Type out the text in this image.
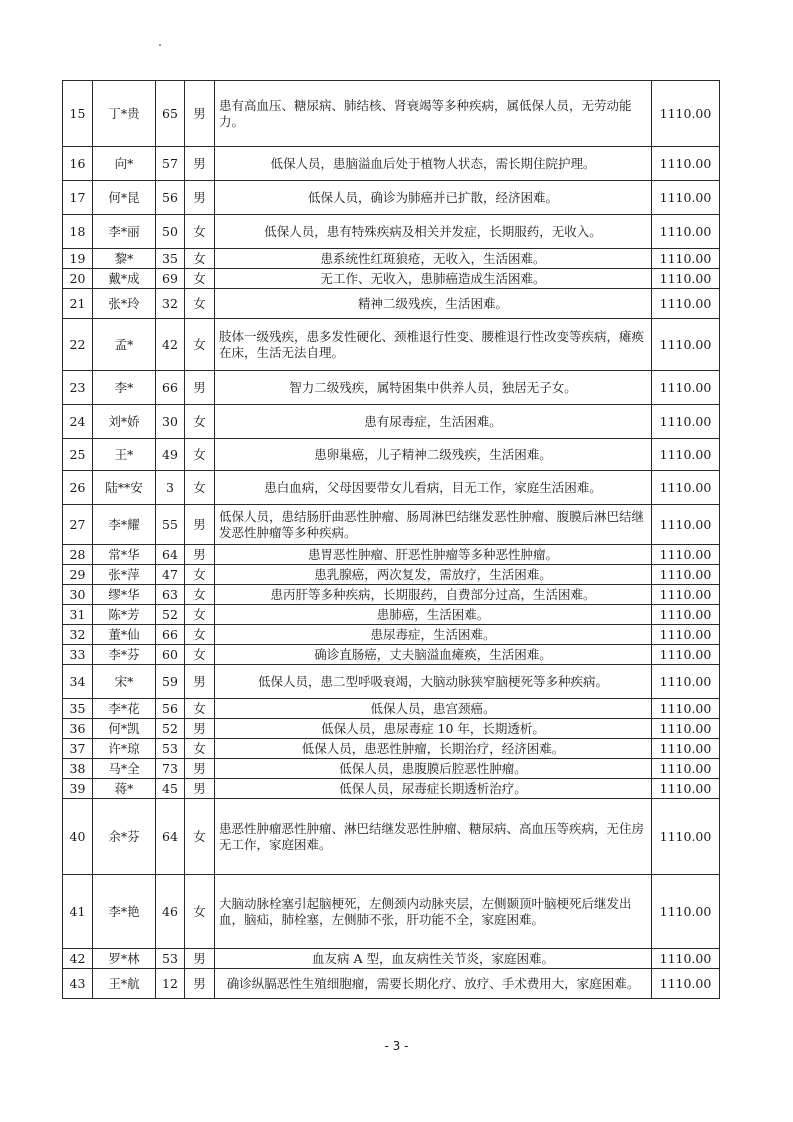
15	丁*贵	65	男	患有高血压、糖尿病、肺结核、肾衰竭等多种疾病，属低保人员，无劳动能力。	1110.00
16	向*	57	男	低保人员，患脑溢血后处于植物人状态，需长期住院护理。	1110.00
17	何*昆	56	男	低保人员，确诊为肺癌并已扩散，经济困难。	1110.00
18	李*丽	50	女	低保人员，患有特殊疾病及相关并发症，长期服药，无收入。	1110.00
19	黎*	35	女	患系统性红斑狼疮，无收入，生活困难。	1110.00
20	戴*成	69	女	无工作、无收入，患肺癌造成生活困难。	1110.00
21	张*玲	32	女	精神二级残疾，生活困难。	1110.00
22	孟*	42	女	肢体一级残疾，患多发性硬化、颈椎退行性变、腰椎退行性改变等疾病，瘫痪在床，生活无法自理。	1110.00
23	李*	66	男	智力二级残疾，属特困集中供养人员，独居无子女。	1110.00
24	刘*娇	30	女	患有尿毒症，生活困难。	1110.00
25	王*	49	女	患卵巢癌，儿子精神二级残疾，生活困难。	1110.00
26	陆**安	3	女	患白血病，父母因要带女儿看病，目无工作，家庭生活困难。	1110.00
27	李*耀	55	男	低保人员，患结肠肝曲恶性肿瘤、肠周淋巴结继发恶性肿瘤、腹膜后淋巴结继发恶性肿瘤等多种疾病。	1110.00
28	常*华	64	男	患胃恶性肿瘤、肝恶性肿瘤等多种恶性肿瘤。	1110.00
29	张*萍	47	女	患乳腺癌，两次复发，需放疗，生活困难。	1110.00
30	缪*华	63	女	患丙肝等多种疾病，长期服药，自费部分过高，生活困难。	1110.00
31	陈*芳	52	女	患肺癌，生活困难。	1110.00
32	董*仙	66	女	患尿毒症，生活困难。	1110.00
33	李*芬	60	女	确诊直肠癌，丈夫脑溢血瘫痪，生活困难。	1110.00
34	宋*	59	男	低保人员，患二型呼吸衰竭，大脑动脉狭窄脑梗死等多种疾病。	1110.00
35	李*花	56	女	低保人员，患宫颈癌。	1110.00
36	何*凯	52	男	低保人员，患尿毒症 10 年，长期透析。	1110.00
37	许*琼	53	女	低保人员，患恶性肿瘤，长期治疗，经济困难。	1110.00
38	马*全	73	男	低保人员，患腹膜后腔恶性肿瘤。	1110.00
39	蒋*	45	男	低保人员，尿毒症长期透析治疗。	1110.00
40	余*芬	64	女	患恶性肿瘤恶性肿瘤、淋巴结继发恶性肿瘤、糖尿病、高血压等疾病，无住房无工作，家庭困难。	1110.00
41	李*艳	46	女	大脑动脉栓塞引起脑梗死，左侧颈内动脉夹层，左侧颞顶叶脑梗死后继发出血，脑疝，肺栓塞，左侧肺不张，肝功能不全，家庭困难。	1110.00
42	罗*林	53	男	血友病 A 型，血友病性关节炎，家庭困难。	1110.00
43	王*航	12	男	确诊纵膈恶性生殖细胞瘤，需要长期化疗、放疗、手术费用大，家庭困难。	1110.00
- 3 -
